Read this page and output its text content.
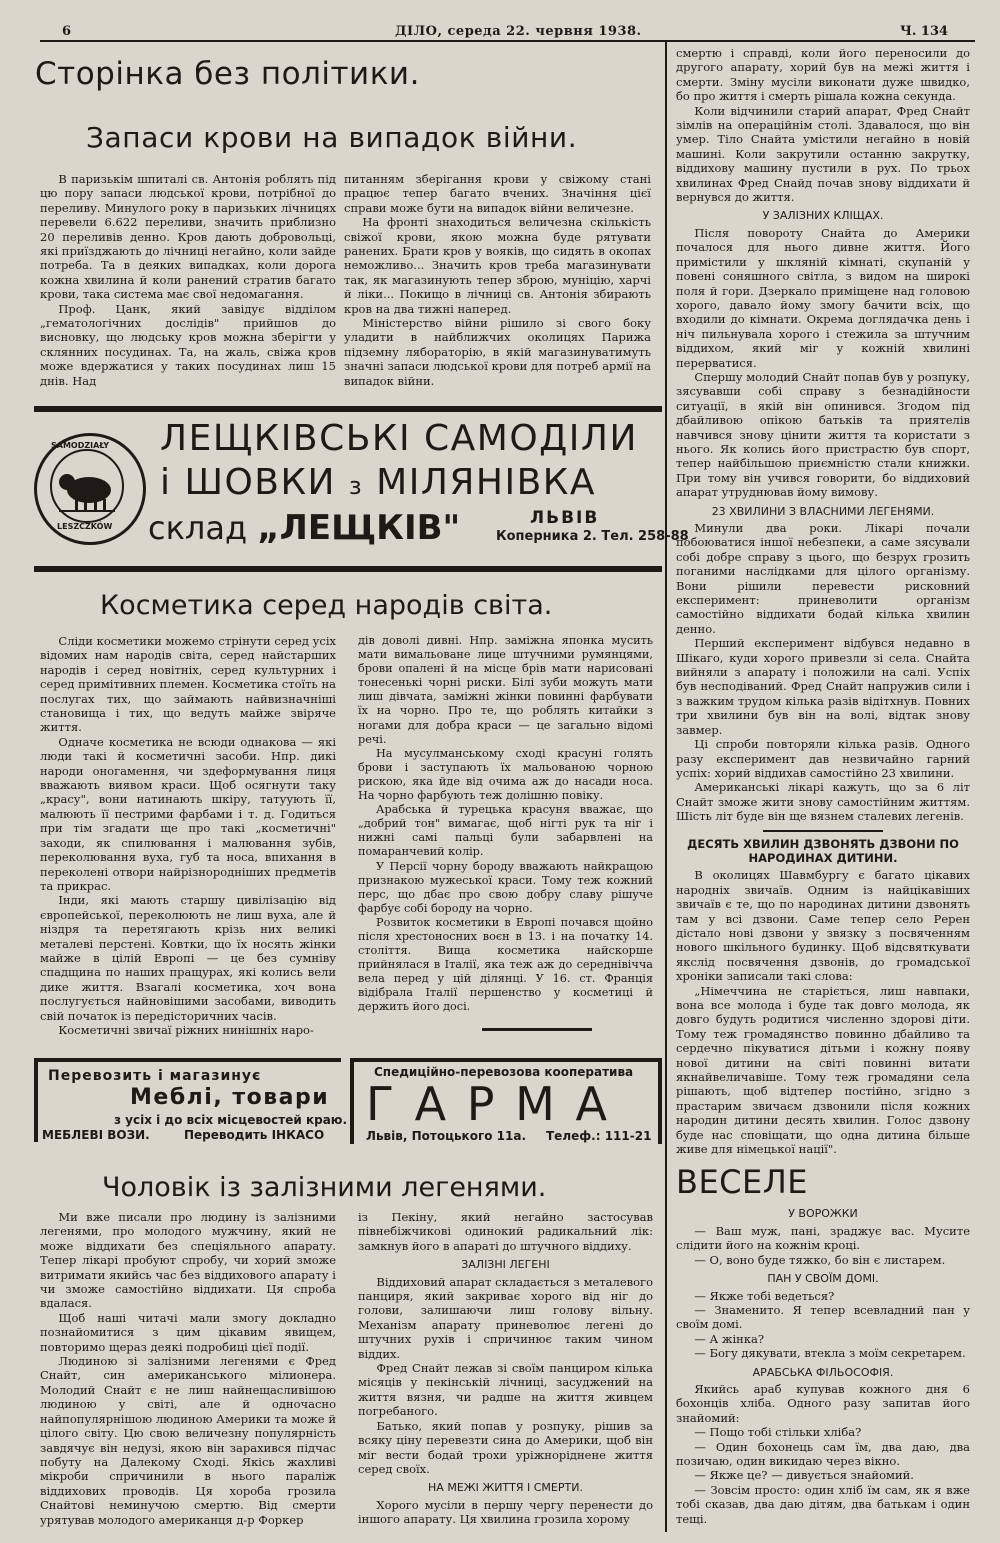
6	ДІЛО, середа 22. червня 1938.	Ч. 134
Сторінка без політики.
Запаси крови на випадок війни.

В паризькім шпиталі св. Антонія роблять під цю пору запаси людської крови, потрібної до переливу. Минулого року в паризьких лічницях перевели 6.622 переливи, значить приблизно 20 переливів денно. Кров дають добровольці, які приїзджають до лічниці негайно, коли зайде потреба. Та в деяких випадках, коли дорога кожна хвилина й коли ранений стратив багато крови, така система має свої недомагання.

Проф. Цанк, який завідує відділом „гематологічних дослідів" прийшов до висновку, що людську кров можна зберігти у склянних посудинах. Та, на жаль, свіжа кров може вдержатися у таких посудинах лиш 15 днів. Над

питанням зберігання крови у свіжому стані працює тепер багато вчених. Значіння цієї справи може бути на випадок війни величезне.

На фронті знаходиться величезна скількість свіжої крови, якою можна буде рятувати ранених. Брати кров у вояків, що сидять в окопах неможливо... Значить кров треба магазинувати так, як магазинують тепер зброю, муніцію, харчі й ліки... Покищо в лічниці св. Антонія збирають кров на два тижні наперед.

Міністерство війни рішило зі свого боку уладити в найближчих околицях Парижа підземну лябораторію, в якій магазинуватимуть значні запаси людської крови для потреб армії на випадок війни.

SAMODZIAŁY
LESZCZKÓW
ЛЕЩКІВСЬКІ САМОДІЛИ
і ШОВКИ з МІЛЯНІВКА
склад „ЛЕЩКІВ"	ЛЬВІВ
Коперника 2. Тел. 258-88
Косметика серед народів світа.

Сліди косметики можемо стрінути серед усіх відомих нам народів світа, серед найстарших народів і серед новітніх, серед культурних і серед примітивних племен. Косметика стоїть на послугах тих, що займають найвизначніші становища і тих, що ведуть майже звіряче життя.

Одначе косметика не всюди однакова — які люди такі й косметичні засоби. Нпр. дикі народи оногамення, чи здеформування лиця вважають виявом краси. Щоб осягнути таку „красу", вони натинають шкіру, татуують її, малюють її пестрими фарбами і т. д. Годиться при тім згадати ще про такі „косметичні" заходи, як спилювання і малювання зубів, переколювання вуха, губ та носа, впихання в переколені отвори найрізнородніших предметів та прикрас.

Інди, які мають старшу цивілізацію від європейської, переколюють не лиш вуха, але й ніздря та перетягають крізь них великі металеві перстені. Ковтки, що їх носять жінки майже в цілій Европі — це без сумніву спадщина по наших пращурах, які колись вели дике життя. Взагалі косметика, хоч вона послугується найновішими засобами, виводить свій початок із передісторичних часів.

Косметичні звичаї ріжних нинішніх наро-

дів доволі дивні. Нпр. заміжна японка мусить мати вимальоване лице штучними румянцями, брови опалені й на місце брів мати нарисовані тонесенькі чорні риски. Білі зуби можуть мати лиш дівчата, заміжні жінки повинні фарбувати їх на чорно. Про те, що роблять китайки з ногами для добра краси — це загально відомі речі.

На мусулманському сході красуні голять брови і заступають їх мальованою чорною рискою, яка йде від очима аж до насади носа. На чорно фарбують теж долішню повіку.

Арабська й турецька красуня вважає, що „добрий тон" вимагає, щоб нігті рук та ніг і нижні самі пальці були забарвлені на помаранчевий колір.

У Персії чорну бороду вважають найкращою признакою мужеської краси. Тому теж кожний перс, що дбає про свою добру славу рішуче фарбує собі бороду на чорно.

Розвиток косметики в Европі почався щойно після хрестоносних воєн в 13. і на початку 14. століття. Вища косметика найскорше прийнялася в Італії, яка теж аж до середнівічча вела перед у цій ділянці. У 16. ст. Франція відібрала Італії першенство у косметиці й держить його досі.

Перевозить і магазинує
Меблі, товари
з усіх і до всіх місцевостей краю.
МЕБЛЕВІ ВОЗИ.	Переводить ІНКАСО
Спедиційно-перевозова кооператива
Г А Р М А
Львів, Потоцького 11а. Телеф.: 111-21
Чоловік із залізними легенями.

Ми вже писали про людину із залізними легенями, про молодого мужчину, який не може віддихати без спеціяльного апарату. Тепер лікарі пробуют спробу, чи хорий зможе витримати якийсь час без віддихового апарату і чи зможе самостійно віддихати. Ця спроба вдалася.

Щоб наші читачі мали змогу докладно познайомитися з цим цікавим явищем, повторимо щераз деякі подробиці цієї події.

Людиною зі залізними легенями є Фред Снайт, син американського мілионера. Молодий Снайт є не лиш найнещасливішою людиною у світі, але й одночасно найпопулярнішою людиною Америки та може й цілого світу. Цю свою величезну популярність завдячує він недузі, якою він зарахився підчас побуту на Далекому Сході. Якісь жахливі мікроби спричинили в нього параліж віддихових проводів. Ця хороба грозила Снайтові неминучою смертю. Від смерти урятував молодого американця д-р Форкер

із Пекіну, який негайно застосував півнебіжчикові одинокий радикальний лік: замкнув його в апараті до штучного віддиху.

ЗАЛІЗНІ ЛЕГЕНІ

Віддиховий апарат складається з металевого панциря, який закриває хорого від ніг до голови, залишаючи лиш голову вільну. Механізм апарату приневолює легені до штучних рухів і спричинює таким чином віддих.

Фред Снайт лежав зі своїм панциром кілька місяців у пекінській лічниці, засуджений на життя вязня, чи радше на життя живцем погребаного.

Батько, який попав у розпуку, рішив за всяку ціну перевезти сина до Америки, щоб він міг вести бодай трохи уріжноріднене життя серед своїх.

НА МЕЖІ ЖИТТЯ І СМЕРТИ.

Хорого мусіли в першу чергу перенести до іншого апарату. Ця хвилина грозила хорому

смертю і справді, коли його переносили до другого апарату, хорий був на межі життя і смерти. Зміну мусіли виконати дуже швидко, бо про життя і смерть рішала кожна секунда.

Коли відчинили старий апарат, Фред Снайт зімлів на операційнім столі. Здавалося, що він умер. Тіло Снайта умістили негайно в новій машині. Коли закрутили останню закрутку, віддихову машину пустили в рух. По трьох хвилинах Фред Снайд почав знову віддихати й вернувся до життя.

У ЗАЛІЗНИХ КЛІЩАХ.

Після повороту Снайта до Америки почалося для нього дивне життя. Його примістили у шкляній кімнаті, скупаній у повені соняшного світла, з видом на широкі поля й гори. Дзеркало приміщене над головою хорого, давало йому змогу бачити всіх, що входили до кімнати. Окрема доглядачка день і ніч пильнувала хорого і стежила за штучним віддихом, який міг у кожній хвилині перерватися.

Спершу молодий Снайт попав був у розпуку, зясувавши собі справу з безнадійности ситуації, в якій він опинився. Згодом під дбайливою опікою батьків та приятелів навчився знову цінити життя та користати з нього. Як колись його пристрастю був спорт, тепер найбільшою приємністю стали книжки. При тому він учився говорити, бо віддиховий апарат утруднював йому вимову.

23 ХВИЛИНИ З ВЛАСНИМИ ЛЕГЕНЯМИ.

Минули два роки. Лікарі почали побоюватися іншої небезпеки, а саме зясували собі добре справу з цього, що безрух грозить поганими наслідками для цілого організму. Вони рішили перевести рисковний експеримент: приневолити організм самостійно віддихати бодай кілька хвилин денно.

Перший експеримент відбувся недавно в Шікаго, куди хорого привезли зі села. Снайта вийняли з апарату і положили на салі. Успіх був несподіваний. Фред Снайт напружив сили і з важким трудом кілька разів відітхнув. Повних три хвилини був він на волі, відтак знову завмер.

Ці спроби повторяли кілька разів. Одного разу експеримент дав незвичайно гарний успіх: хорий віддихав самостійно 23 хвилини.

Американські лікарі кажуть, що за 6 літ Снайт зможе жити знову самостійним життям. Шість літ буде він ще вязнем сталевих легенів.

ДЕСЯТЬ ХВИЛИН ДЗВОНЯТЬ ДЗВОНИ ПО НАРОДИНАХ ДИТИНИ.

В околицях Шавмбургу є багато цікавих народніх звичаїв. Одним із найцікавіших звичаїв є те, що по народинах дитини дзвонять там у всі дзвони. Саме тепер село Ререн дістало нові дзвони у звязку з посвяченням нового шкільного будинку. Щоб відсвяткувати якслід посвячення дзвонів, до громадської хроніки записали такі слова:

„Німеччина не старіється, лиш навпаки, вона все молода і буде так довго молода, як довго будуть родитися численно здорові діти. Тому теж громадянство повинно дбайливо та сердечно пікуватися дітьми і кожну появу нової дитини на світі повинні витати якнайвеличавіше. Тому теж громадяни села рішають, щоб відтепер постійно, згідно з прастарим звичаєм дзвонили після кожних народин дитини десять хвилин. Голос дзвону буде нас сповіщати, що одна дитина більше живе для німецької нації".

ВЕСЕЛЕ

У ВОРОЖКИ

— Ваш муж, пані, зраджує вас. Мусите слідити його на кожнім кроці.

— О, воно буде тяжко, бо він є листарем.

ПАН У СВОЇМ ДОМІ.

— Якже тобі ведеться?

— Знаменито. Я тепер всевладний пан у своїм домі.

— А жінка?

— Богу дякувати, втекла з моїм секретарем.

АРАБСЬКА ФІЛЬОСОФІЯ.

Якийсь араб купував кожного дня 6 бохонців хліба. Одного разу запитав його знайомий:

— Пощо тобі стільки хліба?

— Один бохонець сам їм, два даю, два позичаю, один викидаю через вікно.

— Якже це? — дивується знайомий.

— Зовсім просто: один хліб їм сам, як я вже тобі сказав, два даю дітям, два батькам і один тещі.
